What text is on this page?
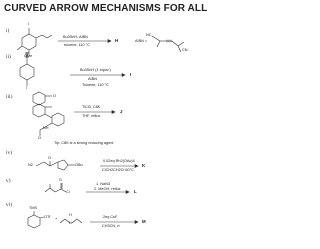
CURVED ARROW MECHANISMS FOR ALL
i)
I
OMe
Bu3SnH, AIBN
toluene, 110 °C
H	AIBN =
NC
CN
ii)
I
Bu3SnH (1 equiv.)
AIBN
Toluene, 110 °C
I
iii)	O
NH
O
TiCl3, C8K
THF, reflux
J
Tip: C8K is a strong reducing agent
iv)
N2
O
OBn
0.02eq Rh2(OAc)4
ClCH2CH2Cl 60°C
K
v)	O
Cl
1. NaN3
2. MeOH, reflux
L
vi)	TMS
OTf +
H
N
2eq CsF
CH3CN, rt
M
